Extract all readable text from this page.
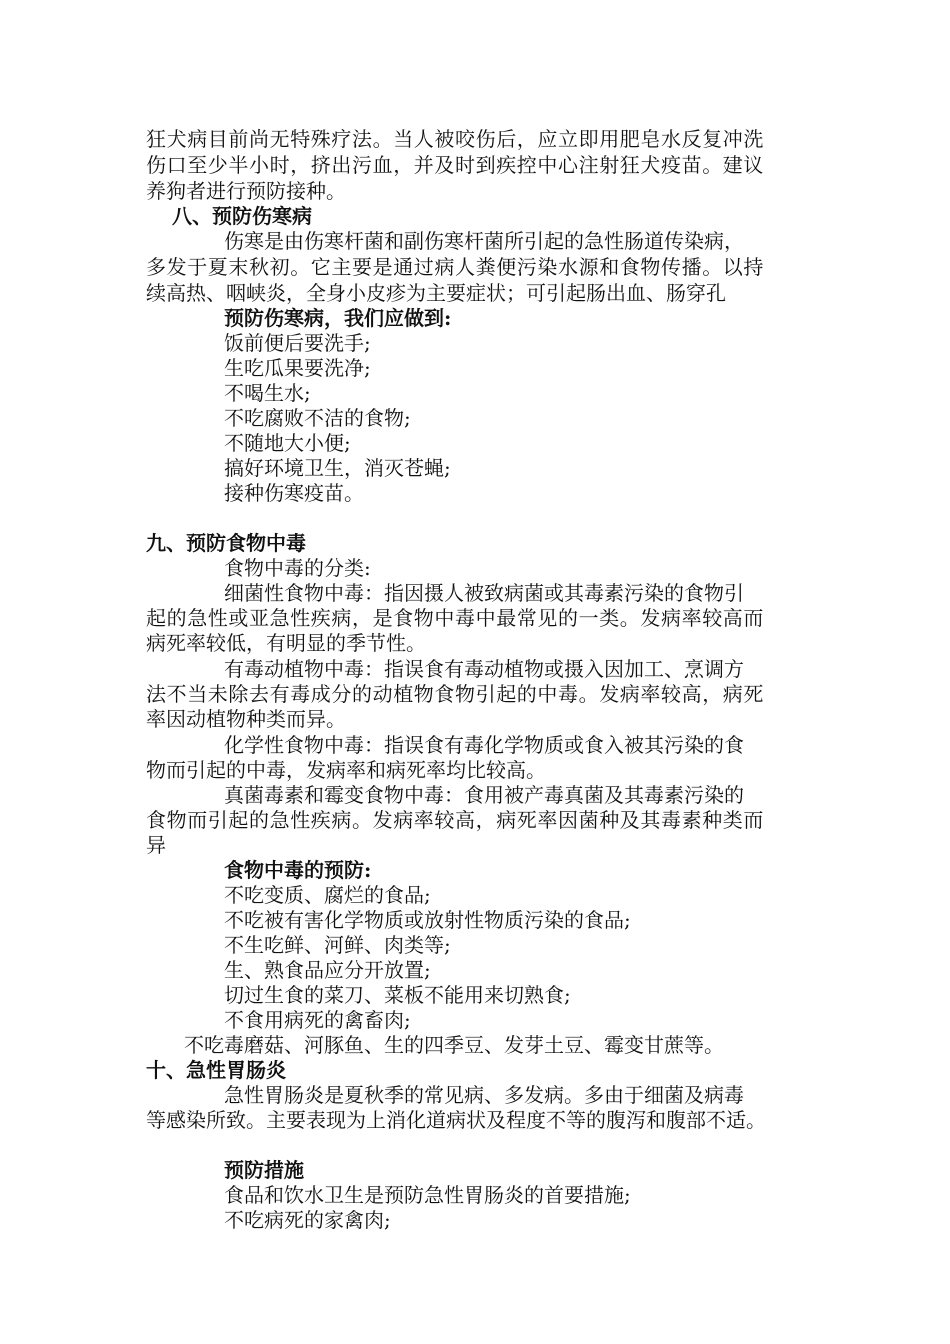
狂犬病目前尚无特殊疗法。当人被咬伤后，应立即用肥皂水反复冲洗
伤口至少半小时，挤出污血，并及时到疾控中心注射狂犬疫苗。建议
养狗者进行预防接种。
八、预防伤寒病
伤寒是由伤寒杆菌和副伤寒杆菌所引起的急性肠道传染病，
多发于夏末秋初。它主要是通过病人粪便污染水源和食物传播。以持
续高热、咽峡炎，全身小皮疹为主要症状；可引起肠出血、肠穿孔
预防伤寒病，我们应做到:
饭前便后要洗手;
生吃瓜果要洗净;
不喝生水;
不吃腐败不洁的食物;
不随地大小便;
搞好环境卫生，消灭苍蝇;
接种伤寒疫苗。
九、预防食物中毒
食物中毒的分类:
细菌性食物中毒：指因摄人被致病菌或其毒素污染的食物引
起的急性或亚急性疾病，是食物中毒中最常见的一类。发病率较高而
病死率较低，有明显的季节性。
有毒动植物中毒：指误食有毒动植物或摄入因加工、烹调方
法不当未除去有毒成分的动植物食物引起的中毒。发病率较高，病死
率因动植物种类而异。
化学性食物中毒：指误食有毒化学物质或食入被其污染的食
物而引起的中毒，发病率和病死率均比较高。
真菌毒素和霉变食物中毒：食用被产毒真菌及其毒素污染的
食物而引起的急性疾病。发病率较高，病死率因菌种及其毒素种类而
异
食物中毒的预防:
不吃变质、腐烂的食品;
不吃被有害化学物质或放射性物质污染的食品;
不生吃鲜、河鲜、肉类等;
生、熟食品应分开放置;
切过生食的菜刀、菜板不能用来切熟食;
不食用病死的禽畜肉;
不吃毒磨菇、河豚鱼、生的四季豆、发芽土豆、霉变甘蔗等。
十、急性胃肠炎
急性胃肠炎是夏秋季的常见病、多发病。多由于细菌及病毒
等感染所致。主要表现为上消化道病状及程度不等的腹泻和腹部不适。
预防措施
食品和饮水卫生是预防急性胃肠炎的首要措施;
不吃病死的家禽肉;
